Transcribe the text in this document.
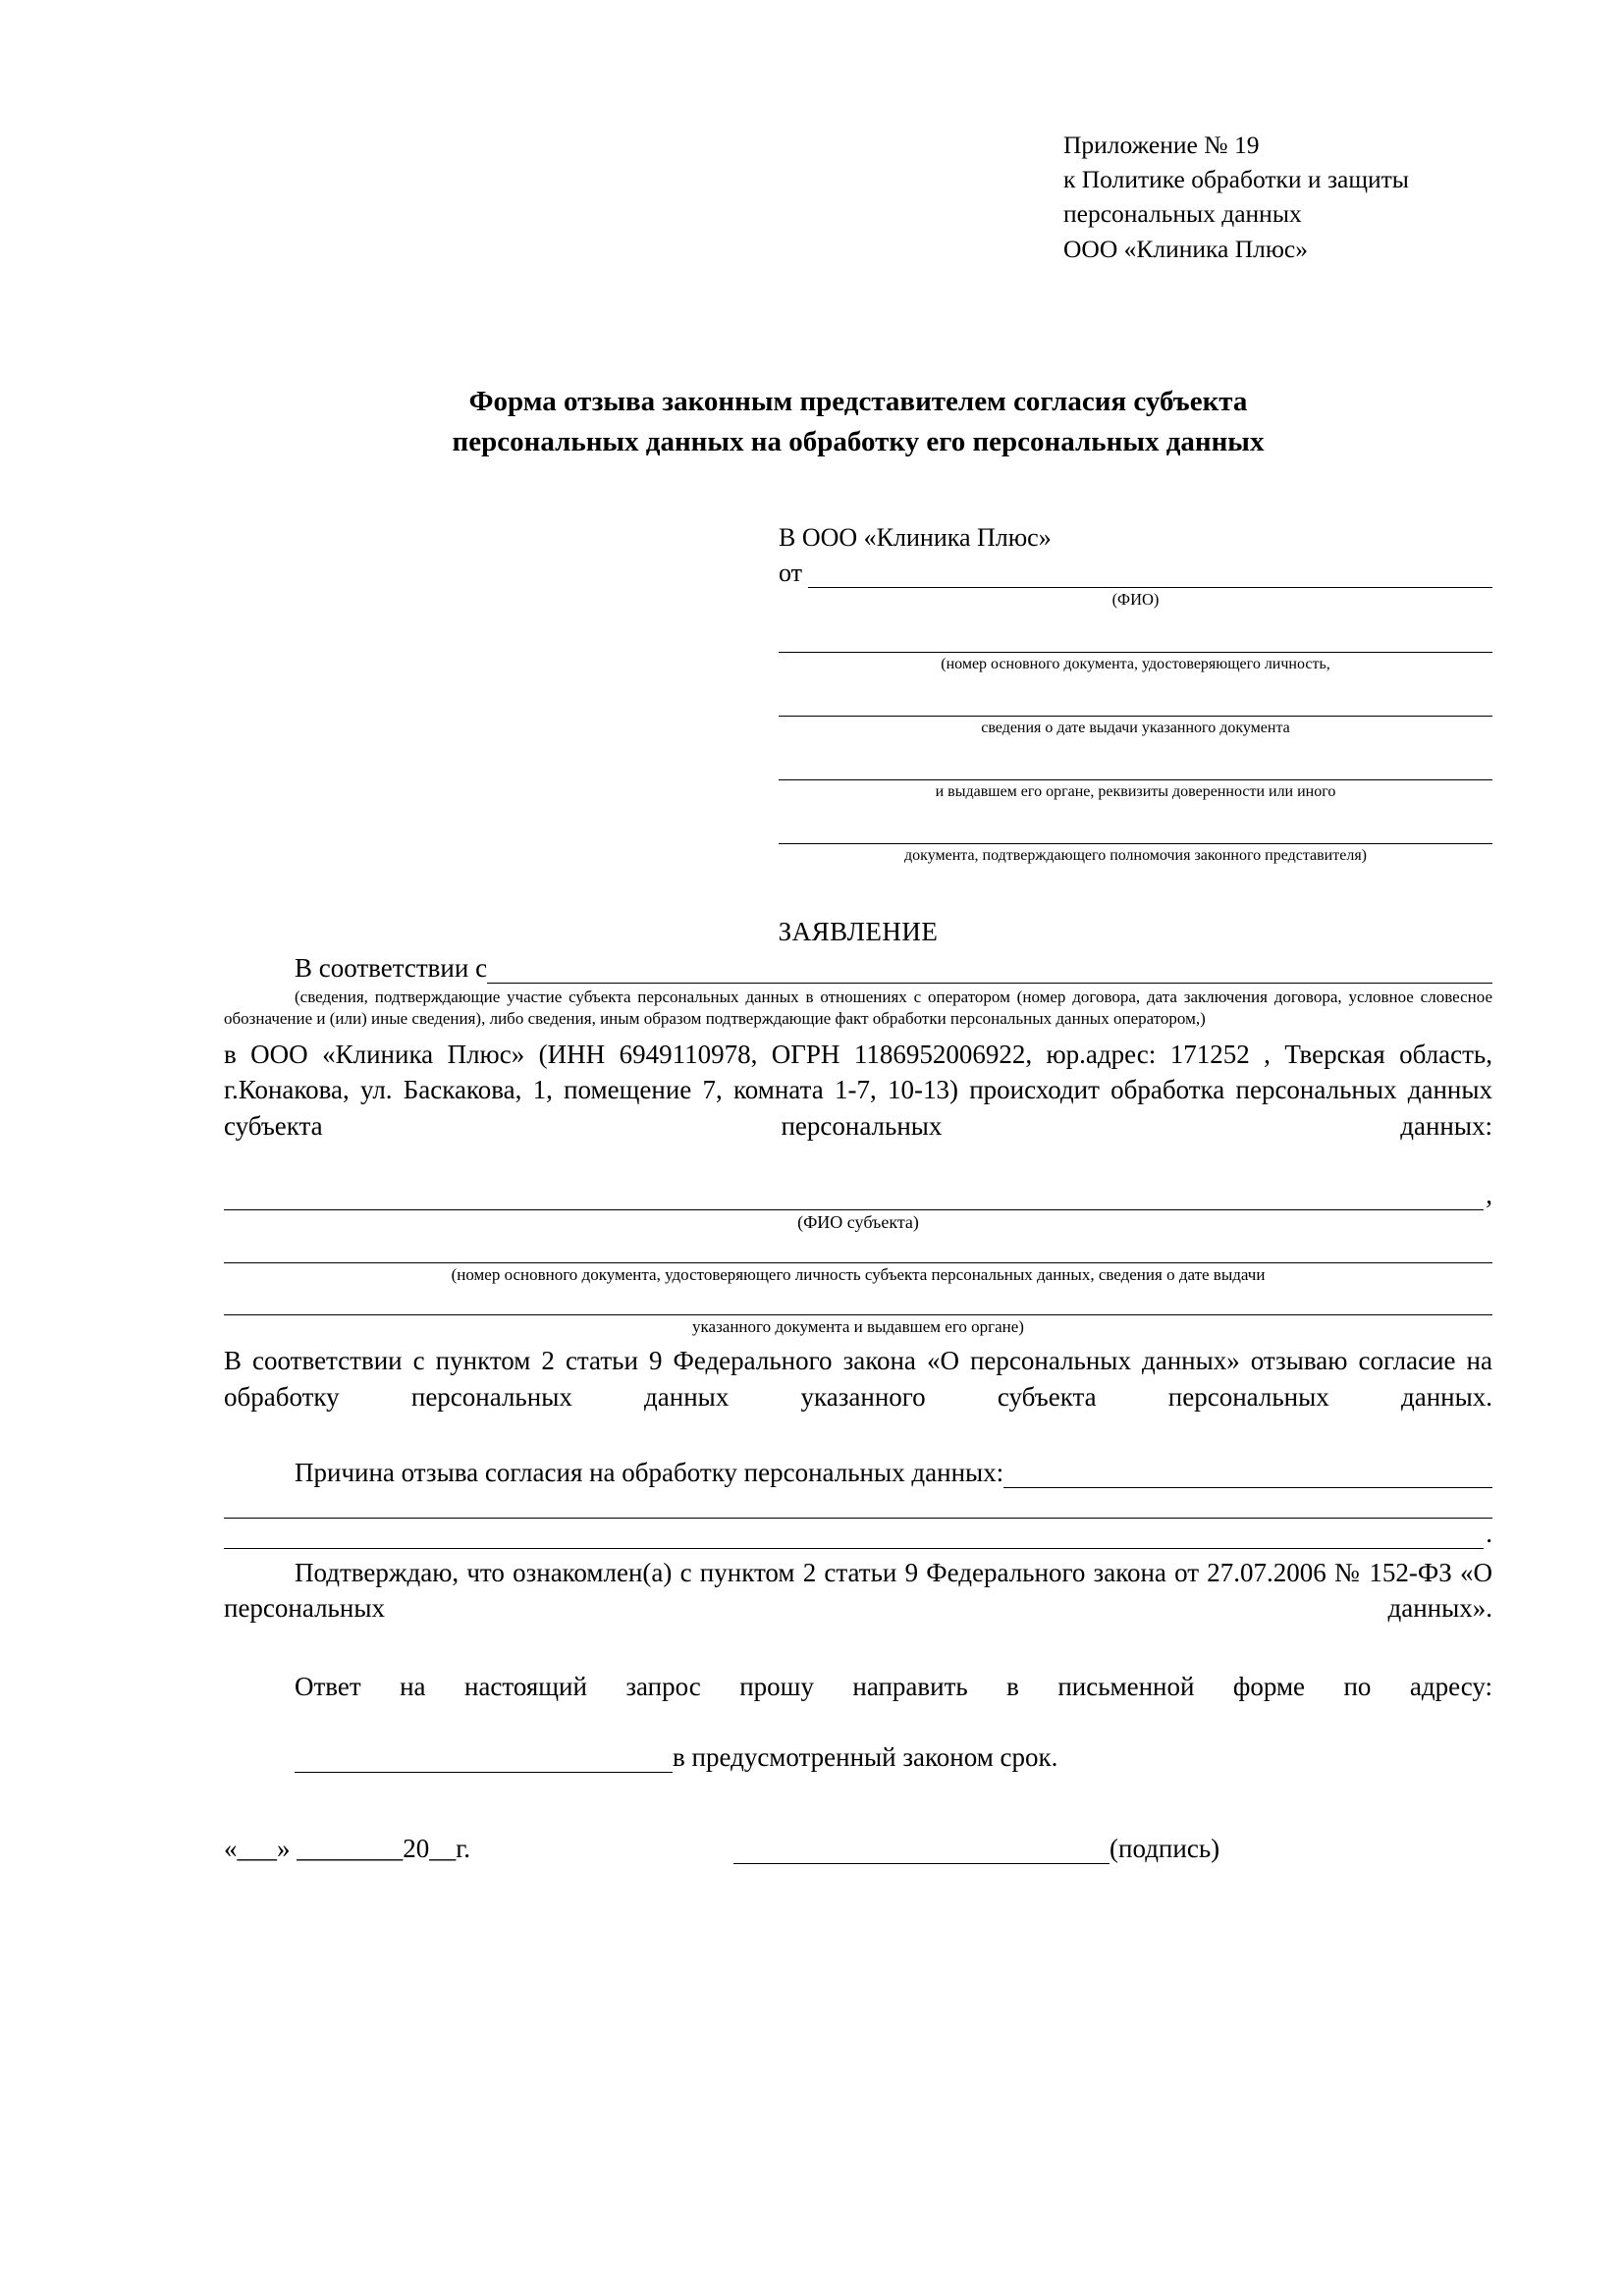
Приложение № 19
к Политике обработки и защиты
персональных данных
ООО «Клиника Плюс»
Форма отзыва законным представителем согласия субъекта
персональных данных на обработку его персональных данных
В ООО «Клиника Плюс»
от
(ФИО)
(номер основного документа, удостоверяющего личность,
сведения о дате выдачи указанного документа
и выдавшем его органе, реквизиты доверенности или иного
документа, подтверждающего полномочия законного представителя)
ЗАЯВЛЕНИЕ
В соответствии с
(сведения, подтверждающие участие субъекта персональных данных в отношениях с оператором (номер договора, дата заключения договора, условное словесное обозначение и (или) иные сведения), либо сведения, иным образом подтверждающие факт обработки персональных данных оператором,)
в ООО «Клиника Плюс» (ИНН 6949110978, ОГРН 1186952006922, юр.адрес: 171252 , Тверская область, г.Конакова, ул. Баскакова, 1, помещение 7, комната 1-7, 10-13) происходит обработка персональных данных субъекта персональных данных:
,
(ФИО субъекта)
(номер основного документа, удостоверяющего личность субъекта персональных данных, сведения о дате выдачи
указанного документа и выдавшем его органе)
В соответствии с пунктом 2 статьи 9 Федерального закона «О персональных данных» отзываю согласие на обработку персональных данных указанного субъекта персональных данных.
Причина отзыва согласия на обработку персональных данных:
.
Подтверждаю, что ознакомлен(а) с пунктом 2 статьи 9 Федерального закона от 27.07.2006 № 152-ФЗ «О персональных данных».
Ответ на настоящий запрос прошу направить в письменной форме по адресу:
в предусмотренный законом срок.
«___» ________20__г.	(подпись)
